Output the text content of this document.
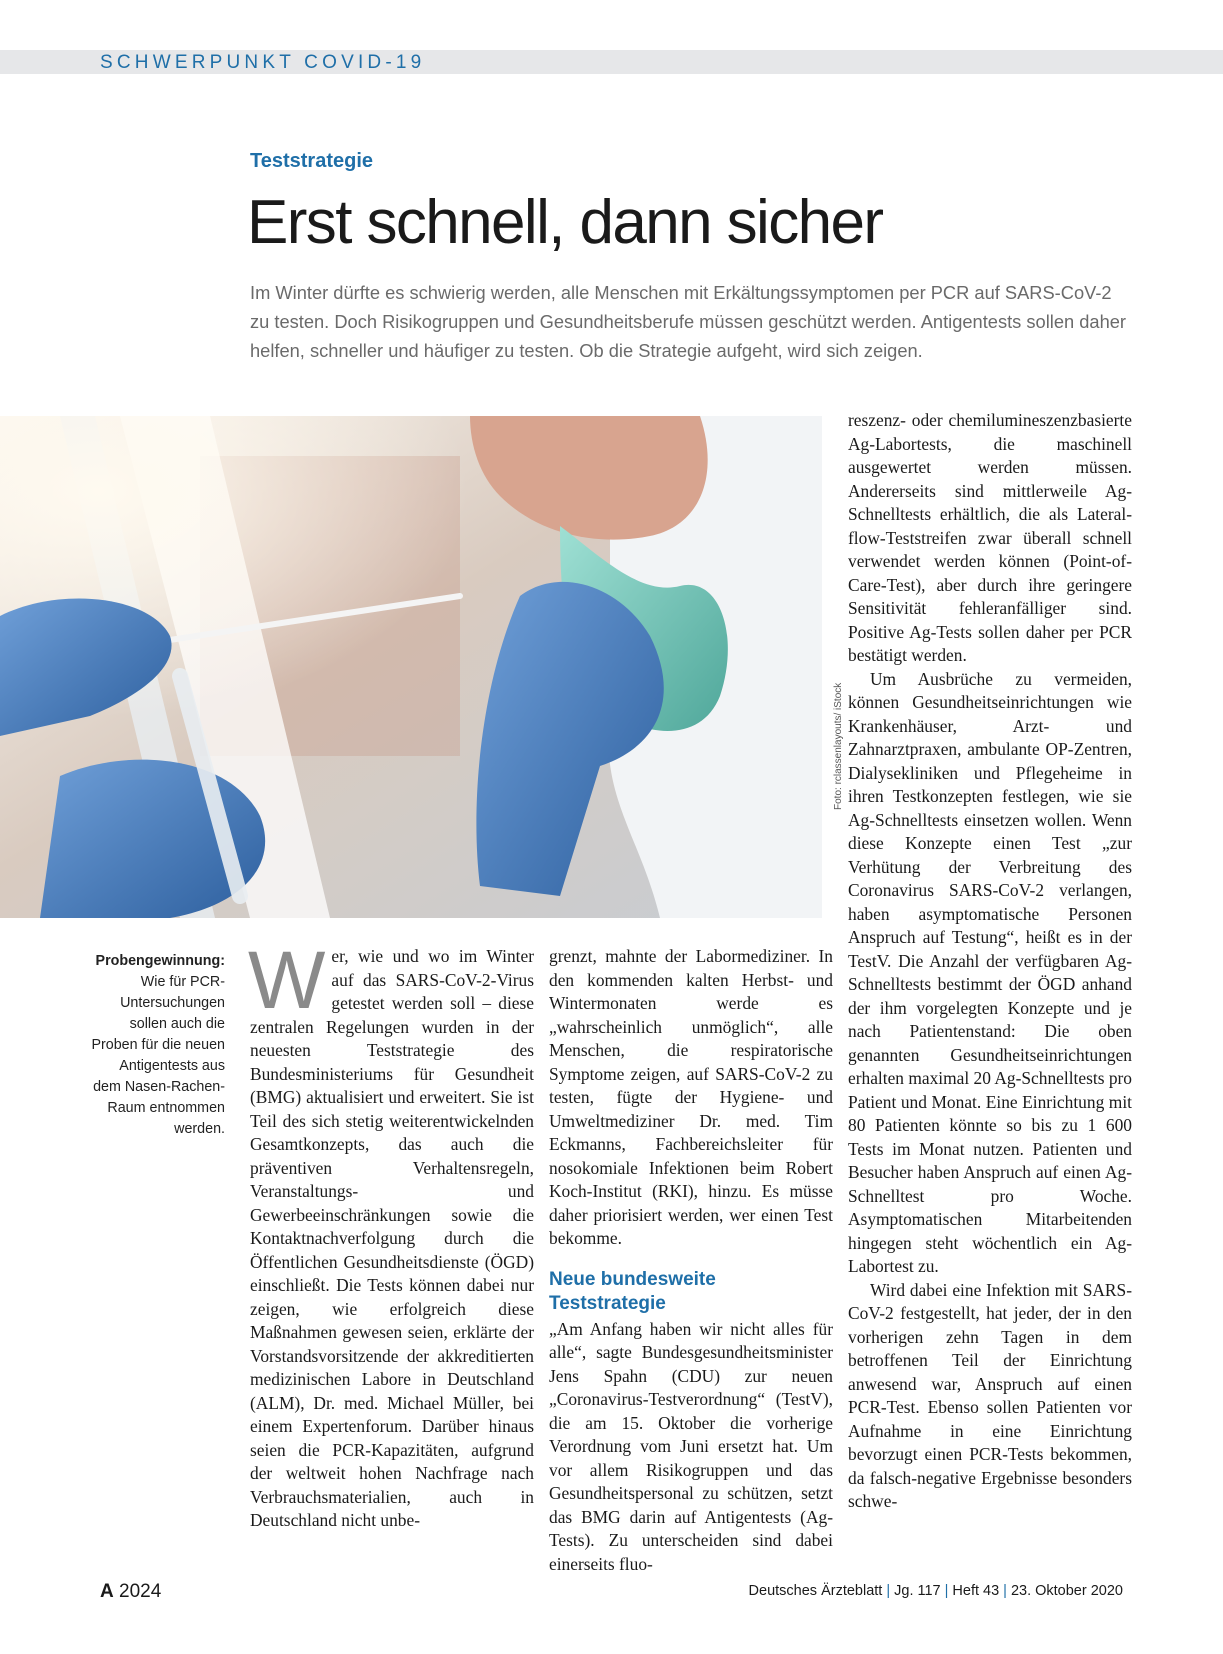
SCHWERPUNKT COVID-19
Teststrategie
Erst schnell, dann sicher

Im Winter dürfte es schwierig werden, alle Menschen mit Erkältungssymptomen per PCR auf SARS-CoV-2 zu testen. Doch Risikogruppen und Gesundheitsberufe müssen geschützt werden. Antigentests sollen daher helfen, schneller und häufiger zu testen. Ob die Strategie aufgeht, wird sich zeigen.

Foto: rclassenlayouts/ iStock
Probengewinnung: Wie für PCR-Untersuchungen sollen auch die Proben für die neuen Antigentests aus dem Nasen-Rachen-Raum entnommen werden.

Wer, wie und wo im Winter auf das SARS-CoV-2-Virus getestet werden soll – diese zentralen Regelungen wurden in der neuesten Teststrategie des Bundesministeriums für Gesundheit (BMG) aktualisiert und erweitert. Sie ist Teil des sich stetig weiterentwickelnden Gesamtkonzepts, das auch die präventiven Verhaltensregeln, Veranstaltungs- und Gewerbeeinschränkungen sowie die Kontaktnachverfolgung durch die Öffentlichen Gesundheitsdienste (ÖGD) einschließt. Die Tests können dabei nur zeigen, wie erfolgreich diese Maßnahmen gewesen seien, erklärte der Vorstandsvorsitzende der akkreditierten medizinischen Labore in Deutschland (ALM), Dr. med. Michael Müller, bei einem Expertenforum. Darüber hinaus seien die PCR-Kapazitäten, aufgrund der weltweit hohen Nachfrage nach Verbrauchsmaterialien, auch in Deutschland nicht unbe-

grenzt, mahnte der Labormediziner. In den kommenden kalten Herbst- und Wintermonaten werde es „wahrscheinlich unmöglich“, alle Menschen, die respiratorische Symptome zeigen, auf SARS-CoV-2 zu testen, fügte der Hygiene- und Umweltmediziner Dr. med. Tim Eckmanns, Fachbereichsleiter für nosokomiale Infektionen beim Robert Koch-Institut (RKI), hinzu. Es müsse daher priorisiert werden, wer einen Test bekomme.

Neue bundesweite Teststrategie

„Am Anfang haben wir nicht alles für alle“, sagte Bundesgesundheitsminister Jens Spahn (CDU) zur neuen „Coronavirus-Testverordnung“ (TestV), die am 15. Oktober die vorherige Verordnung vom Juni ersetzt hat. Um vor allem Risikogruppen und das Gesundheitspersonal zu schützen, setzt das BMG darin auf Antigentests (Ag-Tests). Zu unterscheiden sind dabei einerseits fluo-

reszenz- oder chemilumineszenzbasierte Ag-Labortests, die maschinell ausgewertet werden müssen. Andererseits sind mittlerweile Ag-Schnelltests erhältlich, die als Lateral-flow-Teststreifen zwar überall schnell verwendet werden können (Point-of-Care-Test), aber durch ihre geringere Sensitivität fehleranfälliger sind. Positive Ag-Tests sollen daher per PCR bestätigt werden.

Um Ausbrüche zu vermeiden, können Gesundheitseinrichtungen wie Krankenhäuser, Arzt- und Zahnarztpraxen, ambulante OP-Zentren, Dialysekliniken und Pflegeheime in ihren Testkonzepten festlegen, wie sie Ag-Schnelltests einsetzen wollen. Wenn diese Konzepte einen Test „zur Verhütung der Verbreitung des Coronavirus SARS-CoV-2 verlangen, haben asymptomatische Personen Anspruch auf Testung“, heißt es in der TestV. Die Anzahl der verfügbaren Ag-Schnelltests bestimmt der ÖGD anhand der ihm vorgelegten Konzepte und je nach Patientenstand: Die oben genannten Gesundheitseinrichtungen erhalten maximal 20 Ag-Schnelltests pro Patient und Monat. Eine Einrichtung mit 80 Patienten könnte so bis zu 1 600 Tests im Monat nutzen. Patienten und Besucher haben Anspruch auf einen Ag-Schnelltest pro Woche. Asymptomatischen Mitarbeitenden hingegen steht wöchentlich ein Ag-Labortest zu.

Wird dabei eine Infektion mit SARS-CoV-2 festgestellt, hat jeder, der in den vorherigen zehn Tagen in dem betroffenen Teil der Einrichtung anwesend war, Anspruch auf einen PCR-Test. Ebenso sollen Patienten vor Aufnahme in eine Einrichtung bevorzugt einen PCR-Tests bekommen, da falsch-negative Ergebnisse besonders schwe-

A 2024	Deutsches Ärzteblatt | Jg. 117 | Heft 43 | 23. Oktober 2020
